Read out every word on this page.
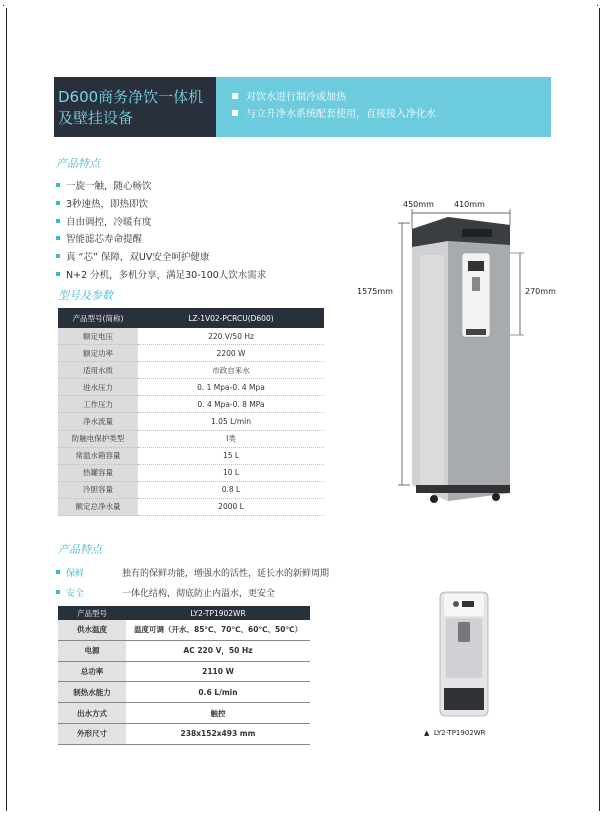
·	·
D600商务净饮一体机
及壁挂设备
对饮水进行制冷或加热
与立升净水系统配套使用，直接接入净化水
产品特点
一旋一触，随心畅饮
3秒速热，即热即饮
自由调控，冷暖有度
智能滤芯寿命提醒
真 “芯” 保障，双UV安全呵护健康
N+2 分机，多机分享，满足30-100人饮水需求
型号及参数
产品型号(简称)	LZ-1V02-PCRCU(D600)
额定电压	220 V/50 Hz
额定功率	2200 W
适用水质	市政自来水
进水压力	0. 1 Mpa-0. 4 Mpa
工作压力	0. 4 Mpa-0. 8 MPa
净水流量	1.05 L/min
防触电保护类型	I类
常温水箱容量	15 L
热罐容量	10 L
冷胆容量	0.8 L
额定总净水量	2000 L
450mm	410mm
1575mm	270mm
产品特点
保鲜	独有的保鲜功能，增强水的活性，延长水的新鲜周期
安全	一体化结构，彻底防止内溢水，更安全
产品型号	LY2-TP1902WR
供水温度	温度可调（开水、85℃、70℃、60℃、50℃）
电源	AC 220 V，50 Hz
总功率	2110 W
制热水能力	0.6 L/min
出水方式	触控
外形尺寸	238x152x493 mm	▲  LY2-TP1902WR
